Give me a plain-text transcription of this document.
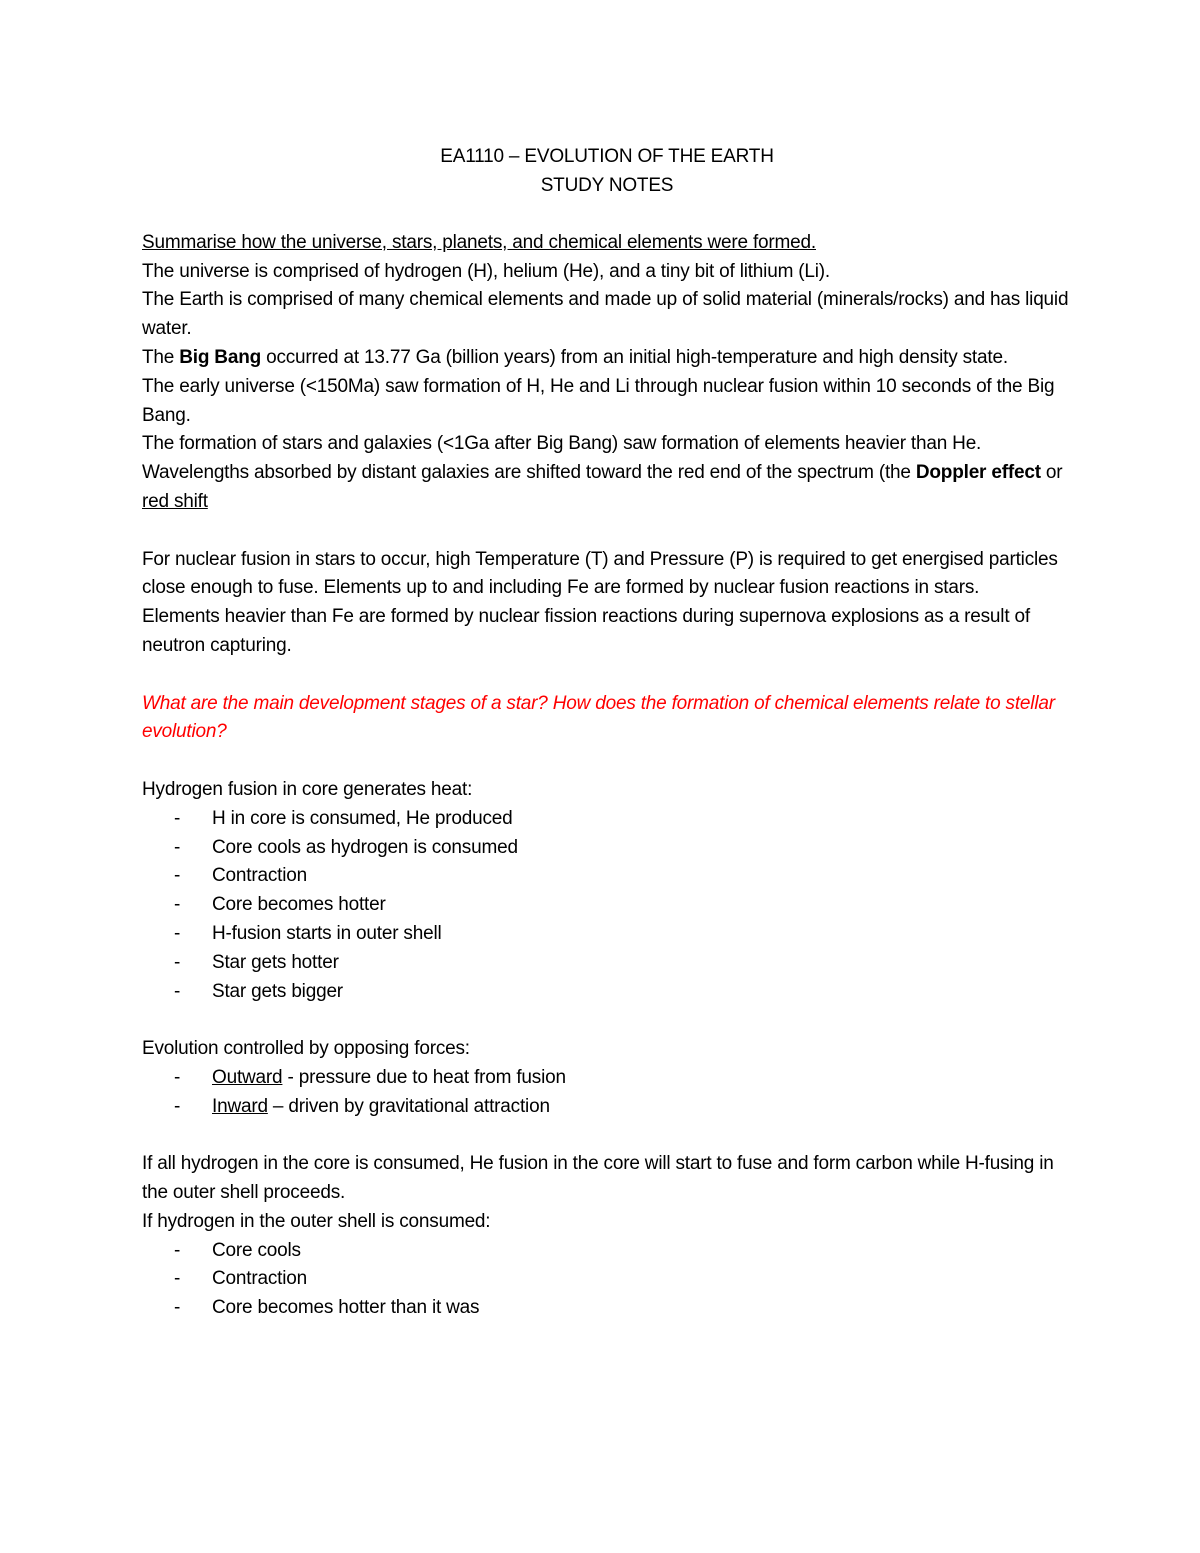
EA1110 – EVOLUTION OF THE EARTH

STUDY NOTES

Summarise how the universe, stars, planets, and chemical elements were formed.

The universe is comprised of hydrogen (H), helium (He), and a tiny bit of lithium (Li).

The Earth is comprised of many chemical elements and made up of solid material (minerals/rocks) and has liquid water.

The Big Bang occurred at 13.77 Ga (billion years) from an initial high-temperature and high density state.

The early universe (<150Ma) saw formation of H, He and Li through nuclear fusion within 10 seconds of the Big Bang.

The formation of stars and galaxies (<1Ga after Big Bang) saw formation of elements heavier than He.

Wavelengths absorbed by distant galaxies are shifted toward the red end of the spectrum (the Doppler effect or red shift

For nuclear fusion in stars to occur, high Temperature (T) and Pressure (P) is required to get energised particles close enough to fuse. Elements up to and including Fe are formed by nuclear fusion reactions in stars.

Elements heavier than Fe are formed by nuclear fission reactions during supernova explosions as a result of neutron capturing.

What are the main development stages of a star? How does the formation of chemical elements relate to stellar evolution?

Hydrogen fusion in core generates heat:

- H in core is consumed, He produced
- Core cools as hydrogen is consumed
- Contraction
- Core becomes hotter
- H-fusion starts in outer shell
- Star gets hotter
- Star gets bigger

Evolution controlled by opposing forces:

- Outward - pressure due to heat from fusion
- Inward – driven by gravitational attraction

If all hydrogen in the core is consumed, He fusion in the core will start to fuse and form carbon while H-fusing in the outer shell proceeds.

If hydrogen in the outer shell is consumed:

- Core cools
- Contraction
- Core becomes hotter than it was
